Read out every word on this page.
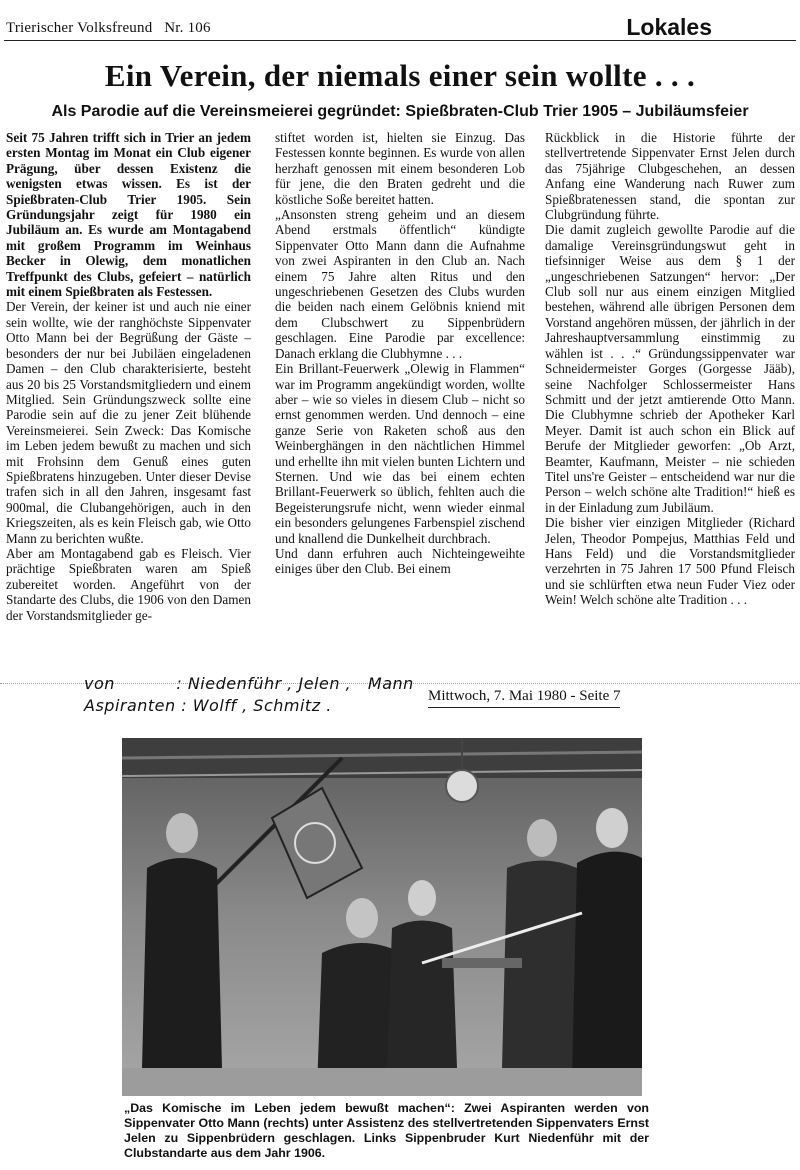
Trierischer Volksfreund Nr. 106	Lokales
Ein Verein, der niemals einer sein wollte . . .
Als Parodie auf die Vereinsmeierei gegründet: Spießbraten-Club Trier 1905 – Jubiläumsfeier

Seit 75 Jahren trifft sich in Trier an jedem ersten Montag im Monat ein Club eigener Prägung, über dessen Existenz die wenigsten etwas wissen. Es ist der Spießbraten-Club Trier 1905. Sein Gründungsjahr zeigt für 1980 ein Jubiläum an. Es wurde am Montagabend mit großem Programm im Weinhaus Becker in Olewig, dem monatlichen Treffpunkt des Clubs, gefeiert – natürlich mit einem Spießbraten als Festessen.

Der Verein, der keiner ist und auch nie einer sein wollte, wie der ranghöchste Sippenvater Otto Mann bei der Begrüßung der Gäste – besonders der nur bei Jubiläen eingeladenen Damen – den Club charakterisierte, besteht aus 20 bis 25 Vorstandsmitgliedern und einem Mitglied. Sein Gründungszweck sollte eine Parodie sein auf die zu jener Zeit blühende Vereinsmeierei. Sein Zweck: Das Komische im Leben jedem bewußt zu machen und sich mit Frohsinn dem Genuß eines guten Spießbratens hinzugeben. Unter dieser Devise trafen sich in all den Jahren, insgesamt fast 900mal, die Clubangehörigen, auch in den Kriegszeiten, als es kein Fleisch gab, wie Otto Mann zu berichten wußte.

Aber am Montagabend gab es Fleisch. Vier prächtige Spießbraten waren am Spieß zubereitet worden. Angeführt von der Standarte des Clubs, die 1906 von den Damen der Vorstandsmitglieder ge-

stiftet worden ist, hielten sie Einzug. Das Festessen konnte beginnen. Es wurde von allen herzhaft genossen mit einem besonderen Lob für jene, die den Braten gedreht und die köstliche Soße bereitet hatten.

„Ansonsten streng geheim und an diesem Abend erstmals öffentlich“ kündigte Sippenvater Otto Mann dann die Aufnahme von zwei Aspiranten in den Club an. Nach einem 75 Jahre alten Ritus und den ungeschriebenen Gesetzen des Clubs wurden die beiden nach einem Gelöbnis kniend mit dem Clubschwert zu Sippenbrüdern geschlagen. Eine Parodie par excellence: Danach erklang die Clubhymne . . .

Ein Brillant-Feuerwerk „Olewig in Flammen“ war im Programm angekündigt worden, wollte aber – wie so vieles in diesem Club – nicht so ernst genommen werden. Und dennoch – eine ganze Serie von Raketen schoß aus den Weinberghängen in den nächtlichen Himmel und erhellte ihn mit vielen bunten Lichtern und Sternen. Und wie das bei einem echten Brillant-Feuerwerk so üblich, fehlten auch die Begeisterungsrufe nicht, wenn wieder einmal ein besonders gelungenes Farbenspiel zischend und knallend die Dunkelheit durchbrach.

Und dann erfuhren auch Nichteingeweihte einiges über den Club. Bei einem

Rückblick in die Historie führte der stellvertretende Sippenvater Ernst Jelen durch das 75jährige Clubgeschehen, an dessen Anfang eine Wanderung nach Ruwer zum Spießbratenessen stand, die spontan zur Clubgründung führte.

Die damit zugleich gewollte Parodie auf die damalige Vereinsgründungswut geht in tiefsinniger Weise aus dem § 1 der „ungeschriebenen Satzungen“ hervor: „Der Club soll nur aus einem einzigen Mitglied bestehen, während alle übrigen Personen dem Vorstand angehören müssen, der jährlich in der Jahreshauptversammlung einstimmig zu wählen ist . . .“ Gründungssippenvater war Schneidermeister Gorges (Gorgesse Jääb), seine Nachfolger Schlossermeister Hans Schmitt und der jetzt amtierende Otto Mann. Die Clubhymne schrieb der Apotheker Karl Meyer. Damit ist auch schon ein Blick auf Berufe der Mitglieder geworfen: „Ob Arzt, Beamter, Kaufmann, Meister – nie schieden Titel uns're Geister – entscheidend war nur die Person – welch schöne alte Tradition!“ hieß es in der Einladung zum Jubiläum.

Die bisher vier einzigen Mitglieder (Richard Jelen, Theodor Pompejus, Matthias Feld und Hans Feld) und die Vorstandsmitglieder verzehrten in 75 Jahren 17 500 Pfund Fleisch und sie schlürften etwa neun Fuder Viez oder Wein! Welch schöne alte Tradition . . .

von           : Niedenführ , Jelen ,   Mann
Aspiranten : Wolff , Schmitz .	Mittwoch, 7. Mai 1980 - Seite 7
„Das Komische im Leben jedem bewußt machen“: Zwei Aspiranten werden von Sippenvater Otto Mann (rechts) unter Assistenz des stellvertretenden Sippenvaters Ernst Jelen zu Sippenbrüdern geschlagen. Links Sippenbruder Kurt Niedenführ mit der Clubstandarte aus dem Jahr 1906.
